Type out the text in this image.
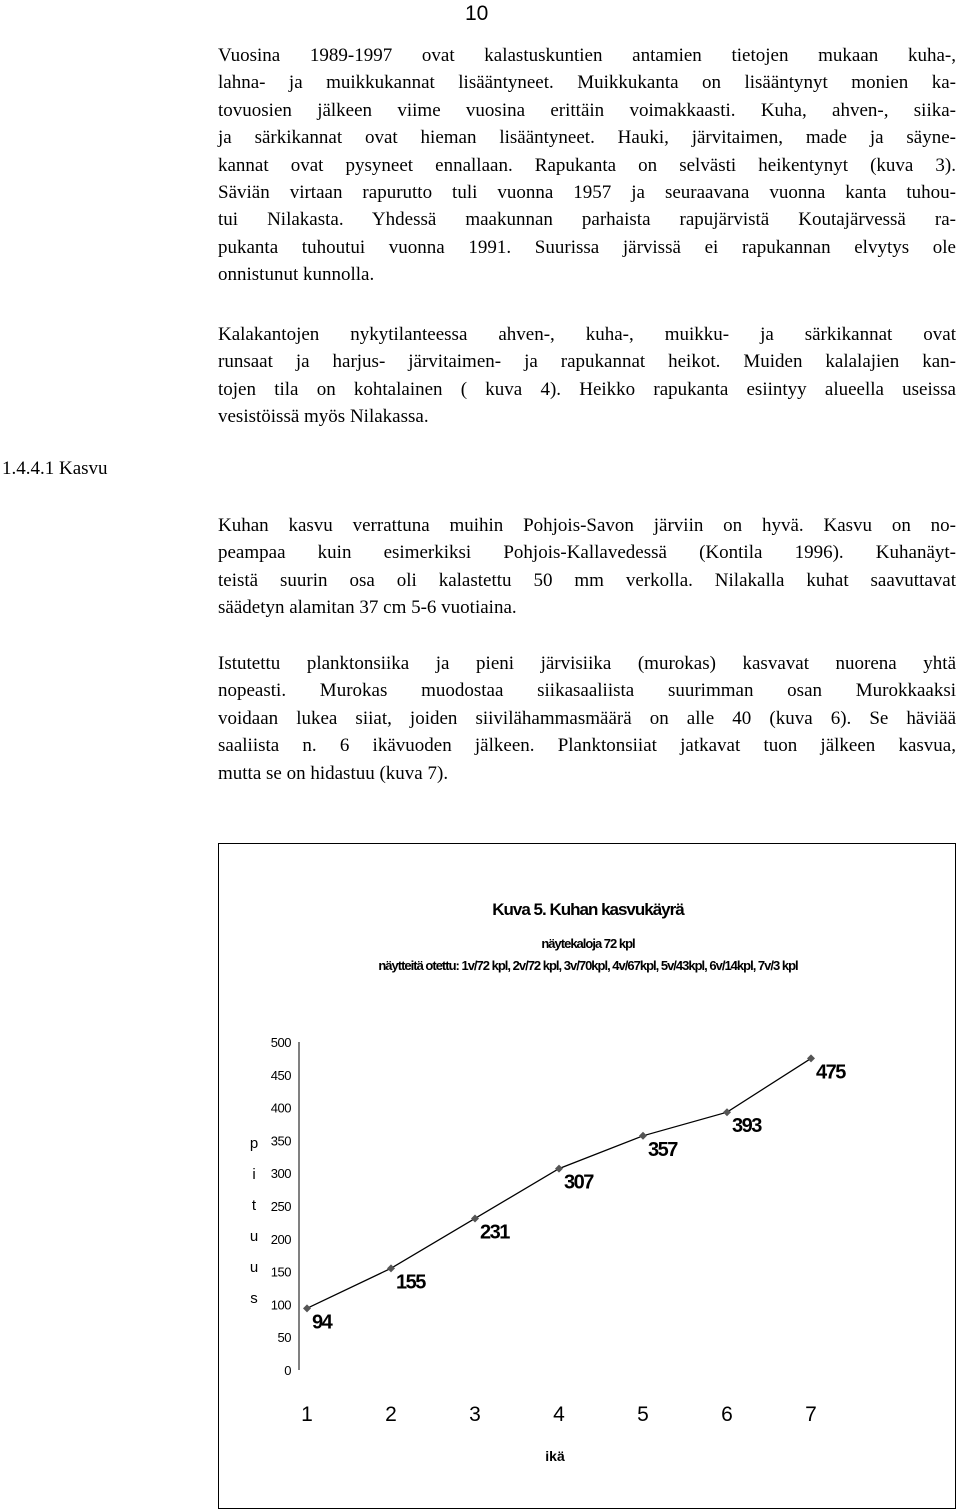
10
Vuosina 1989-1997 ovat kalastuskuntien antamien tietojen mukaan kuha-,
lahna- ja muikkukannat lisääntyneet. Muikkukanta on lisääntynyt monien ka-
tovuosien jälkeen viime vuosina erittäin voimakkaasti. Kuha, ahven-, siika-
ja särkikannat ovat hieman lisääntyneet. Hauki, järvitaimen, made ja säyne-
kannat ovat pysyneet ennallaan. Rapukanta on selvästi heikentynyt (kuva 3).
Säviän virtaan rapurutto tuli vuonna 1957 ja seuraavana vuonna kanta tuhou-
tui Nilakasta. Yhdessä maakunnan parhaista rapujärvistä Koutajärvessä ra-
pukanta tuhoutui vuonna 1991. Suurissa järvissä ei rapukannan elvytys ole
onnistunut kunnolla.
Kalakantojen nykytilanteessa ahven-, kuha-, muikku- ja särkikannat ovat
runsaat ja harjus- järvitaimen- ja rapukannat heikot. Muiden kalalajien kan-
tojen tila on kohtalainen ( kuva 4). Heikko rapukanta esiintyy alueella useissa
vesistöissä myös Nilakassa.
1.4.4.1 Kasvu
Kuhan kasvu verrattuna muihin Pohjois-Savon järviin on hyvä. Kasvu on no-
peampaa kuin esimerkiksi Pohjois-Kallavedessä (Kontila 1996). Kuhanäyt-
teistä suurin osa oli kalastettu 50 mm verkolla. Nilakalla kuhat saavuttavat
säädetyn alamitan 37 cm 5-6 vuotiaina.
Istutettu planktonsiika ja pieni järvisiika (murokas) kasvavat nuorena yhtä
nopeasti. Murokas muodostaa siikasaaliista suurimman osan Murokkaaksi
voidaan lukea siiat, joiden siivilähammasmäärä on alle 40 (kuva 6). Se häviää
saaliista n. 6 ikävuoden jälkeen. Planktonsiiat jatkavat tuon jälkeen kasvua,
mutta se on hidastuu (kuva 7).
Kuva 5. Kuhan kasvukäyrä
näytekaloja 72 kpl
näytteitä otettu: 1v/72 kpl, 2v/72 kpl, 3v/70kpl, 4v/67kpl, 5v/43kpl, 6v/14kpl, 7v/3 kpl
0
50
100
150
200
250
300
350
400
450
500
p
i
t
u
u
s
1	2	3	4	5	6	7
ikä
94
155
231
307
357
393
475
